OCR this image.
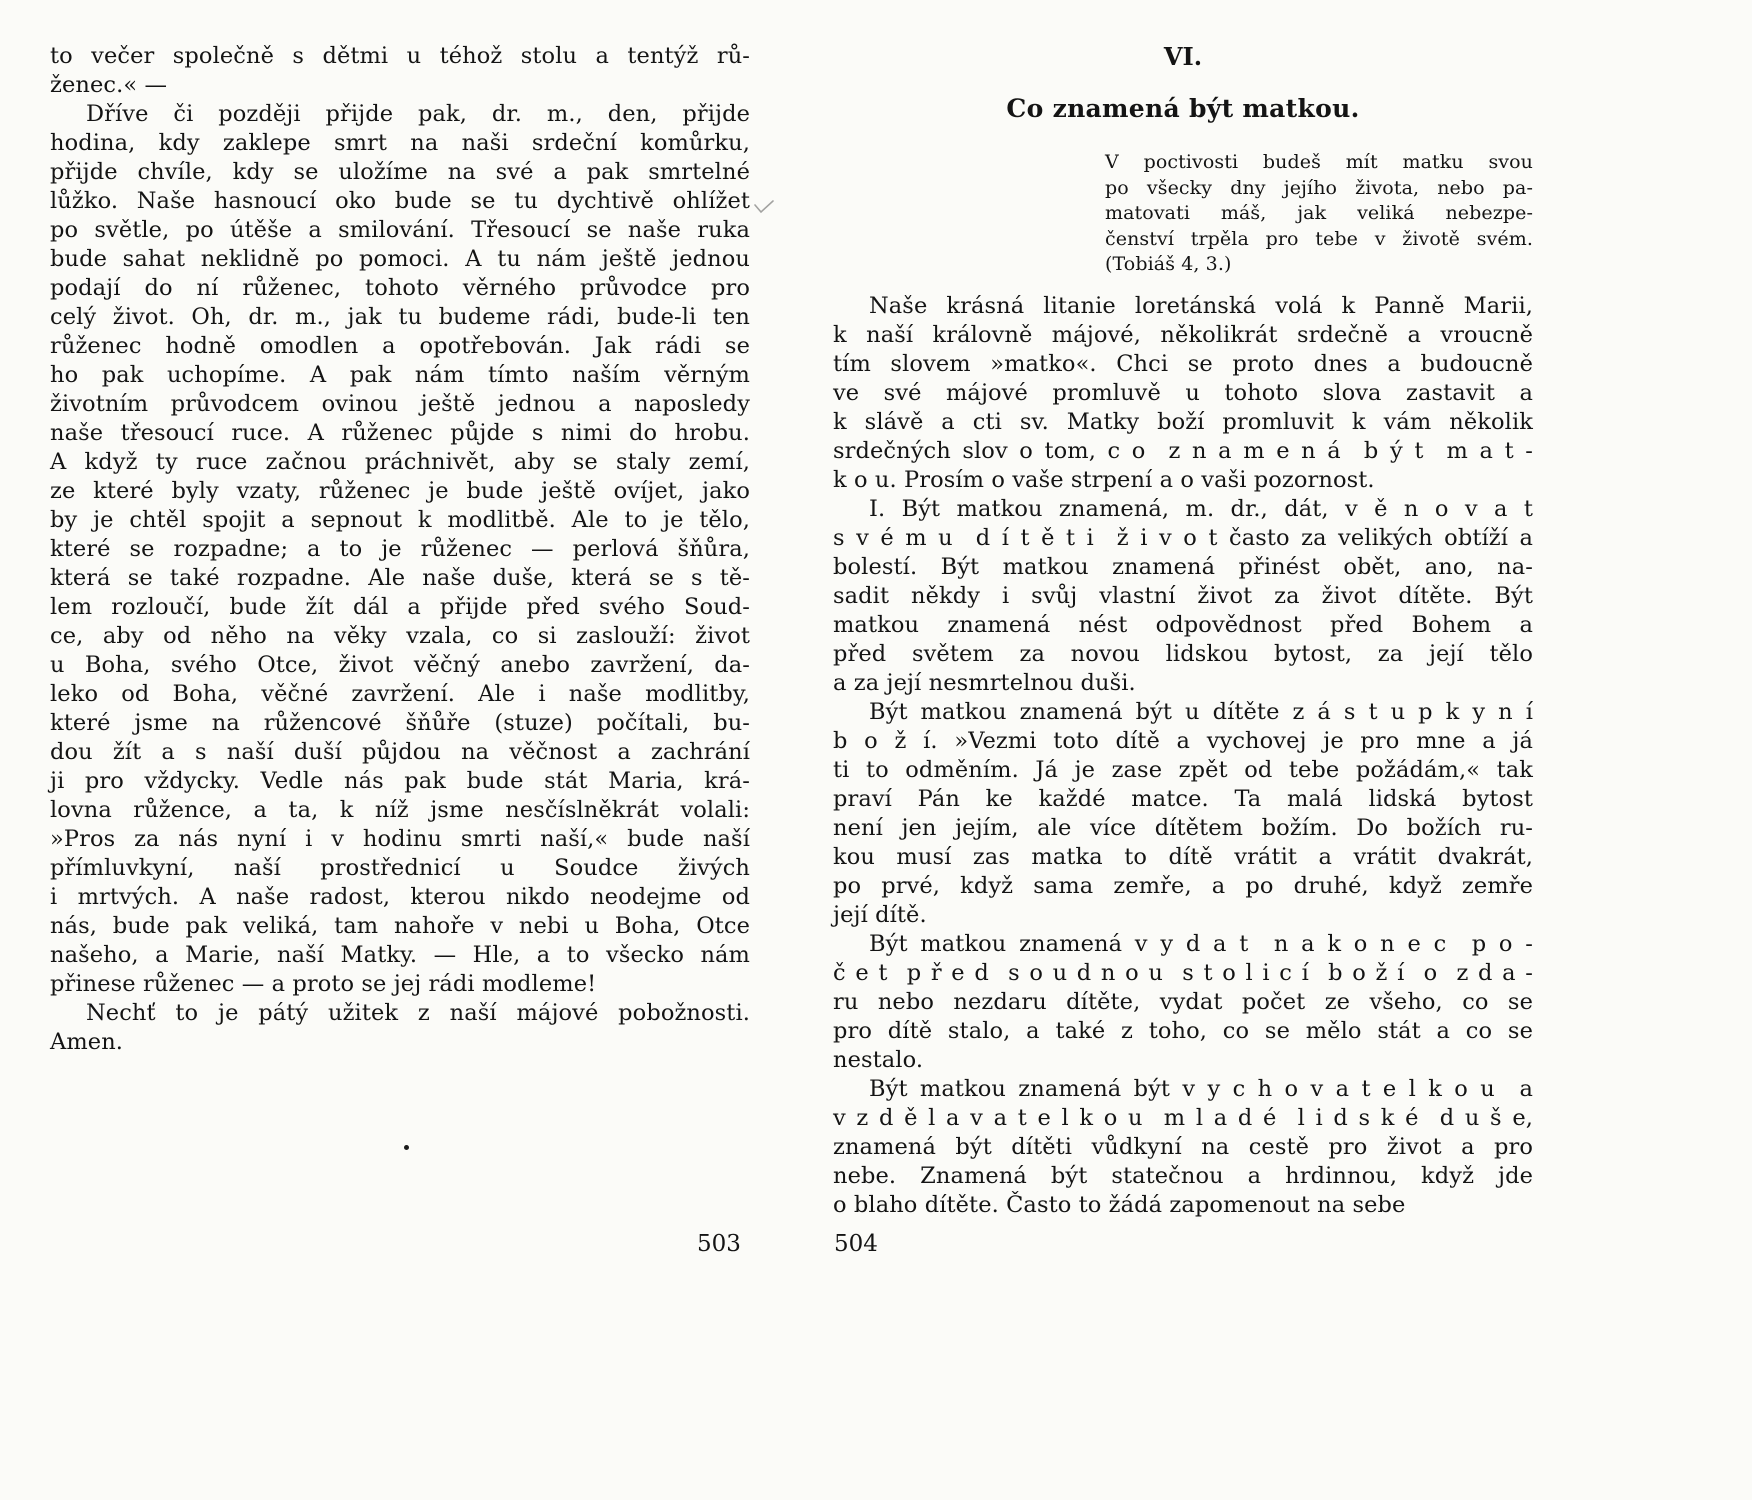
to večer společně s dětmi u téhož stolu a tentýž rů-
ženec.« —
Dříve či později přijde pak, dr. m., den, přijde
hodina, kdy zaklepe smrt na naši srdeční komůrku,
přijde chvíle, kdy se uložíme na své a pak smrtelné
lůžko. Naše hasnoucí oko bude se tu dychtivě ohlížet
po světle, po útěše a smilování. Třesoucí se naše ruka
bude sahat neklidně po pomoci. A tu nám ještě jednou
podají do ní růženec, tohoto věrného průvodce pro
celý život. Oh, dr. m., jak tu budeme rádi, bude-li ten
růženec hodně omodlen a opotřebován. Jak rádi se
ho pak uchopíme. A pak nám tímto naším věrným
životním průvodcem ovinou ještě jednou a naposledy
naše třesoucí ruce. A růženec půjde s nimi do hrobu.
A když ty ruce začnou práchnivět, aby se staly zemí,
ze které byly vzaty, růženec je bude ještě ovíjet, jako
by je chtěl spojit a sepnout k modlitbě. Ale to je tělo,
které se rozpadne; a to je růženec — perlová šňůra,
která se také rozpadne. Ale naše duše, která se s tě-
lem rozloučí, bude žít dál a přijde před svého Soud-
ce, aby od něho na věky vzala, co si zaslouží: život
u Boha, svého Otce, život věčný anebo zavržení, da-
leko od Boha, věčné zavržení. Ale i naše modlitby,
které jsme na růžencové šňůře (stuze) počítali, bu-
dou žít a s naší duší půjdou na věčnost a zachrání
ji pro vždycky. Vedle nás pak bude stát Maria, krá-
lovna růžence, a ta, k níž jsme nesčíslněkrát volali:
»Pros za nás nyní i v hodinu smrti naší,« bude naší
přímluvkyní, naší prostřednicí u Soudce živých
i mrtvých. A naše radost, kterou nikdo neodejme od
nás, bude pak veliká, tam nahoře v nebi u Boha, Otce
našeho, a Marie, naší Matky. — Hle, a to všecko nám
přinese růženec — a proto se jej rádi modleme!
Nechť to je pátý užitek z naší májové pobožnosti.
Amen.
VI.
Co znamená být matkou.
V poctivosti budeš mít matku svou
po všecky dny jejího života, nebo pa-
matovati máš, jak veliká nebezpe-
čenství trpěla pro tebe v životě svém.
(Tobiáš 4, 3.)
Naše krásná litanie loretánská volá k Panně Marii,
k naší královně májové, několikrát srdečně a vroucně
tím slovem »matko«. Chci se proto dnes a budoucně
ve své májové promluvě u tohoto slova zastavit a
k slávě a cti sv. Matky boží promluvit k vám několik
srdečných slov o tom, c o  z n a m e n á  b ý t  m a t -
k o u. Prosím o vaše strpení a o vaši pozornost.
I. Být matkou znamená, m. dr., dát, v ě n o v a t
s v é m u  d í t ě t i  ž i v o t často za velikých obtíží a
bolestí. Být matkou znamená přinést obět, ano, na-
sadit někdy i svůj vlastní život za život dítěte. Být
matkou znamená nést odpovědnost před Bohem a
před světem za novou lidskou bytost, za její tělo
a za její nesmrtelnou duši.
Být matkou znamená být u dítěte z á s t u p k y n í
b o ž í. »Vezmi toto dítě a vychovej je pro mne a já
ti to odměním. Já je zase zpět od tebe požádám,« tak
praví Pán ke každé matce. Ta malá lidská bytost
není jen jejím, ale více dítětem božím. Do božích ru-
kou musí zas matka to dítě vrátit a vrátit dvakrát,
po prvé, když sama zemře, a po druhé, když zemře
její dítě.
Být matkou znamená v y d a t  n a k o n e c  p o -
č e t  p ř e d  s o u d n o u  s t o l i c í  b o ž í  o  z d a -
ru nebo nezdaru dítěte, vydat počet ze všeho, co se
pro dítě stalo, a také z toho, co se mělo stát a co se
nestalo.
Být matkou znamená být v y c h o v a t e l k o u  a
v z d ě l a v a t e l k o u  m l a d é  l i d s k é  d u š e,
znamená být dítěti vůdkyní na cestě pro život a pro
nebe. Znamená být statečnou a hrdinnou, když jde
o blaho dítěte. Často to žádá zapomenout na sebe
503	504
